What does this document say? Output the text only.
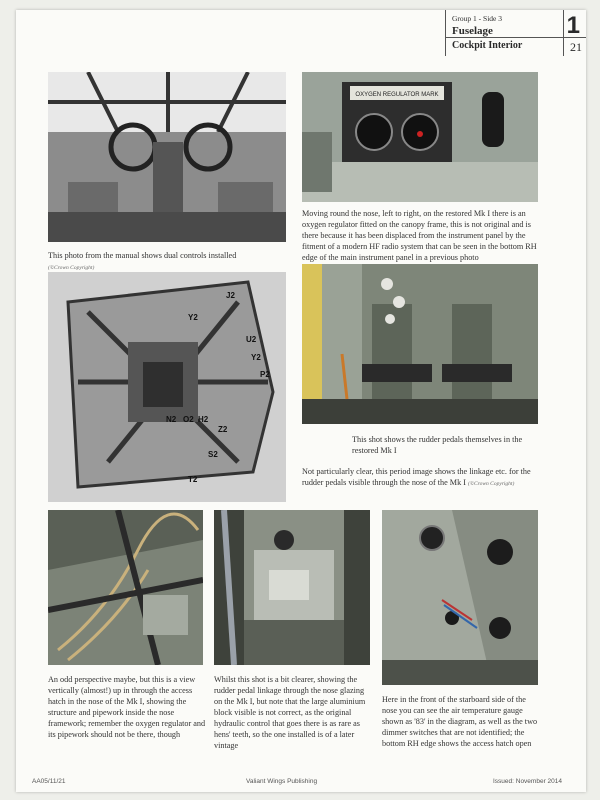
Group 1 - Side 3
Fuselage
Cockpit Interior
1
21
This photo from the manual shows dual controls installed
(©Crown Copyright)
OXYGEN REGULATOR MARK
Moving round the nose, left to right, on the restored Mk I there is an oxygen regulator fitted on the canopy frame, this is not original and is there because it has been displaced from the instrument panel by the fitment of a modern HF radio system that can be seen in the bottom RH edge of the main instrument panel in a previous photo
J2
Y2
U2
Y2
P2
N2 O2 H2
S2
T2
Z2
This shot shows the rudder pedals themselves in the restored Mk I
Not particularly clear, this period image shows the linkage etc. for the rudder pedals visible through the nose of the Mk I (©Crown Copyright)
An odd perspective maybe, but this is a view vertically (almost!) up in through the access hatch in the nose of the Mk I, showing the structure and pipework inside the nose framework; remember the oxygen regulator and its pipework should not be there, though
Whilst this shot is a bit clearer, showing the rudder pedal linkage through the nose glazing on the Mk I, but note that the large aluminium block visible is not correct, as the original hydraulic control that goes there is as rare as hens' teeth, so the one installed is of a later vintage
Here in the front of the starboard side of the nose you can see the air temperature gauge shown as '83' in the diagram, as well as the two dimmer switches that are not identified; the bottom RH edge shows the access hatch open
AA05/11/21	Valiant Wings Publishing	Issued: November 2014
